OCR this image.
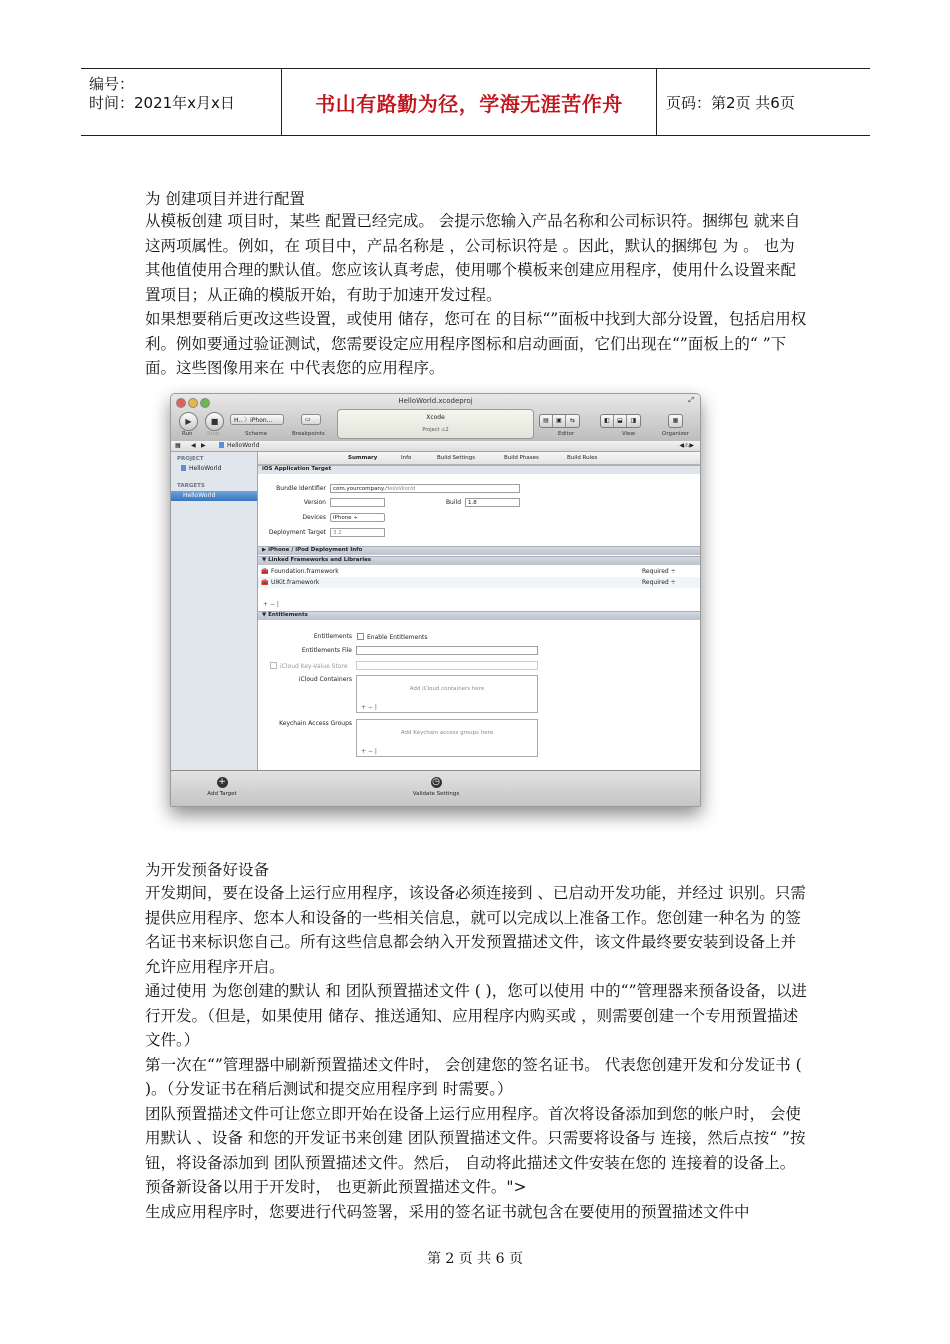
编号：
时间：2021年x月x日	书山有路勤为径，学海无涯苦作舟	页码：第2页 共6页
为 创建项目并进行配置

从模板创建 项目时，某些 配置已经完成。 会提示您输入产品名称和公司标识符。捆绑包 就来自这两项属性。例如，在 项目中，产品名称是 ，公司标识符是 。因此，默认的捆绑包 为 。 也为其他值使用合理的默认值。您应该认真考虑，使用哪个模板来创建应用程序，使用什么设置来配置项目；从正确的模版开始，有助于加速开发过程。

如果想要稍后更改这些设置，或使用 储存，您可在 的目标“”面板中找到大部分设置，包括启用权利。例如要通过验证测试，您需要设定应用程序图标和启动画面，它们出现在“”面板上的“ ”下面。这些图像用来在 中代表您的应用程序。

HelloWorld.xcodeproj	⤢
▶
Run
■
Stop
H.. 〉iPhon...
Scheme
▭
Breakpoints
Xcode
Project ⚠2
▤	▣	⇆
Editor
◧	⬓	◨
View
▦
Organizer
▦ ◀ ▶	HelloWorld	◀⚠▶
PROJECT
HelloWorld
TARGETS
HelloWorld
Summary	Info	Build Settings	Build Phases	Build Rules
iOS Application Target
Bundle Identifier	com.yourcompany.HelloWorld
Version	Build	1.8
Devices	iPhone ÷
Deployment Target	3.2
▶ iPhone / iPod Deployment Info
▼ Linked Frameworks and Libraries
🧰 Foundation.framework	Required ÷
🧰 UIKit.framework	Required ÷
+ − |
▼ Entitlements
Entitlements	Enable Entitlements
Entitlements File
iCloud Key-Value Store
iCloud Containers
Add iCloud containers here
+ − |
Keychain Access Groups
Add Keychain access groups here
+ − |
+
Add Target
◷
Validate Settings
为开发预备好设备

开发期间，要在设备上运行应用程序，该设备必须连接到 、已启动开发功能，并经过 识别。只需提供应用程序、您本人和设备的一些相关信息，就可以完成以上准备工作。您创建一种名为 的签名证书来标识您自己。所有这些信息都会纳入开发预置描述文件，该文件最终要安装到设备上并允许应用程序开启。

通过使用 为您创建的默认 和 团队预置描述文件 ( )，您可以使用 中的“”管理器来预备设备，以进行开发。（但是，如果使用 储存、推送通知、应用程序内购买或 ，则需要创建一个专用预置描述文件。）

第一次在“”管理器中刷新预置描述文件时， 会创建您的签名证书。 代表您创建开发和分发证书 ( )。（分发证书在稍后测试和提交应用程序到 时需要。）

团队预置描述文件可让您立即开始在设备上运行应用程序。首次将设备添加到您的帐户时， 会使用默认 、设备 和您的开发证书来创建 团队预置描述文件。只需要将设备与 连接，然后点按“ ”按钮，将设备添加到 团队预置描述文件。然后， 自动将此描述文件安装在您的 连接着的设备上。预备新设备以用于开发时， 也更新此预置描述文件。">

生成应用程序时，您要进行代码签署，采用的签名证书就包含在要使用的预置描述文件中

第 2 页 共 6 页
